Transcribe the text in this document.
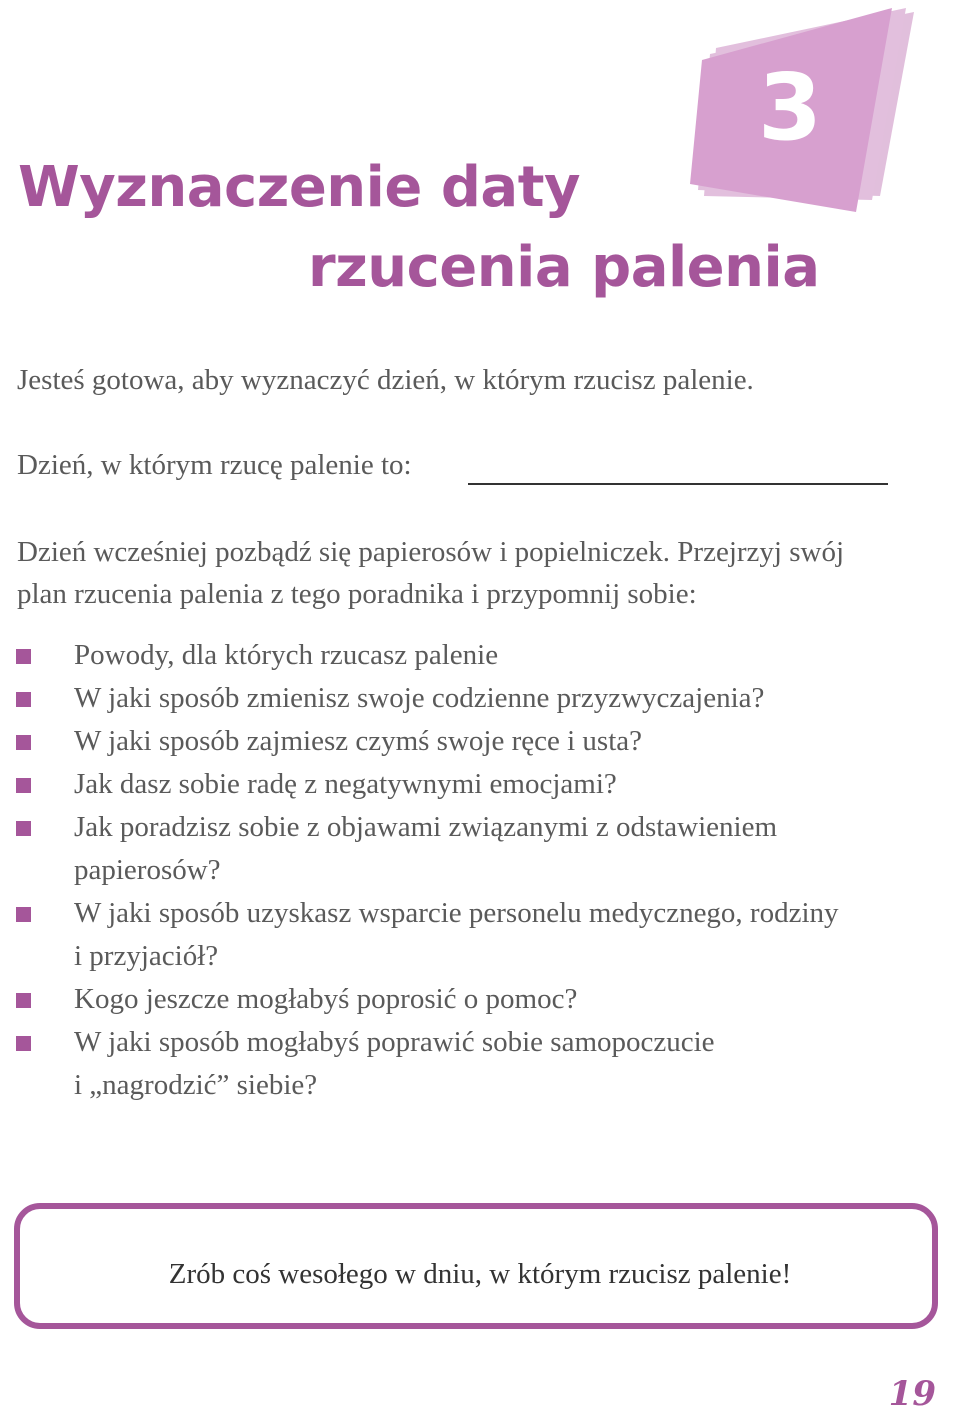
3
Wyznaczenie daty
rzucenia palenia
Jesteś gotowa, aby wyznaczyć dzień, w którym rzucisz palenie.
Dzień, w którym rzucę palenie to:
Dzień wcześniej pozbądź się papierosów i popielniczek. Przejrzyj swój
plan rzucenia palenia z tego poradnika i przypomnij sobie:
Powody, dla których rzucasz palenie
W jaki sposób zmienisz swoje codzienne przyzwyczajenia?
W jaki sposób zajmiesz czymś swoje ręce i usta?
Jak dasz sobie radę z negatywnymi emocjami?
Jak poradzisz sobie z objawami związanymi z odstawieniem
papierosów?
W jaki sposób uzyskasz wsparcie personelu medycznego, rodziny
i przyjaciół?
Kogo jeszcze mogłabyś poprosić o pomoc?
W jaki sposób mogłabyś poprawić sobie samopoczucie
i „nagrodzić” siebie?
Zrób coś wesołego w dniu, w którym rzucisz palenie!
19
